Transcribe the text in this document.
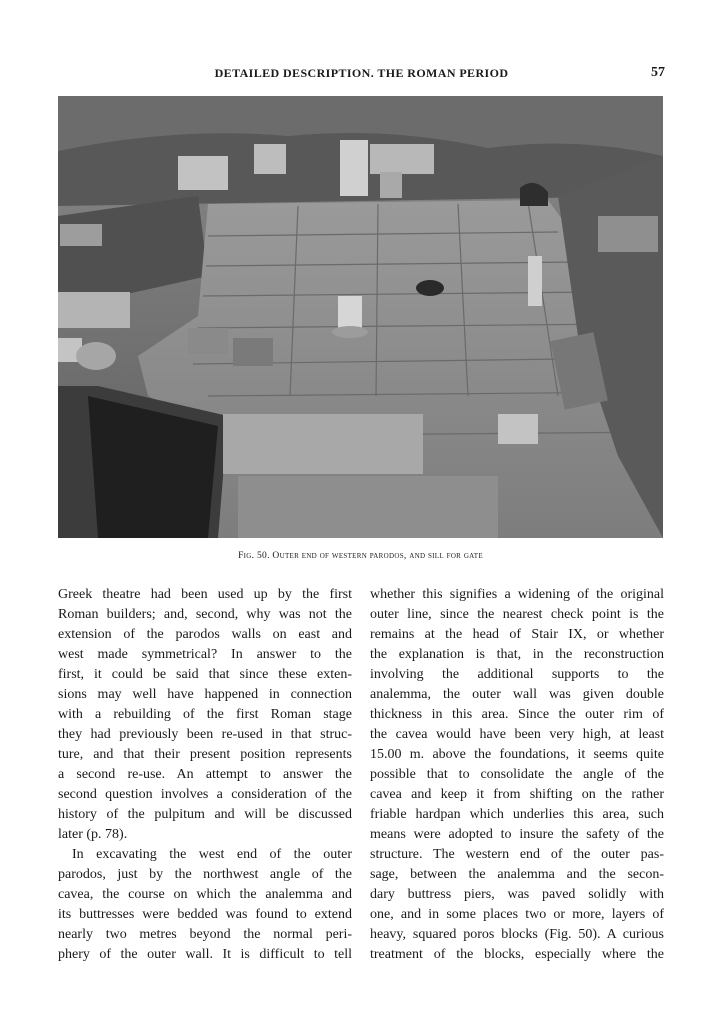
DETAILED DESCRIPTION. THE ROMAN PERIOD	57
Fig. 50. Outer end of western parodos, and sill for gate
Greek theatre had been used up by the first
Roman builders; and, second, why was not the
extension of the parodos walls on east and
west made symmetrical? In answer to the
first, it could be said that since these exten-
sions may well have happened in connection
with a rebuilding of the first Roman stage
they had previously been re-used in that struc-
ture, and that their present position represents
a second re-use. An attempt to answer the
second question involves a consideration of the
history of the pulpitum and will be discussed
later (p. 78).
In excavating the west end of the outer
parodos, just by the northwest angle of the
cavea, the course on which the analemma and
its buttresses were bedded was found to extend
nearly two metres beyond the normal peri-
phery of the outer wall. It is difficult to tell
whether this signifies a widening of the original
outer line, since the nearest check point is the
remains at the head of Stair IX, or whether
the explanation is that, in the reconstruction
involving the additional supports to the
analemma, the outer wall was given double
thickness in this area. Since the outer rim of
the cavea would have been very high, at least
15.00 m. above the foundations, it seems quite
possible that to consolidate the angle of the
cavea and keep it from shifting on the rather
friable hardpan which underlies this area, such
means were adopted to insure the safety of the
structure. The western end of the outer pas-
sage, between the analemma and the secon-
dary buttress piers, was paved solidly with
one, and in some places two or more, layers of
heavy, squared poros blocks (Fig. 50). A curious
treatment of the blocks, especially where the
